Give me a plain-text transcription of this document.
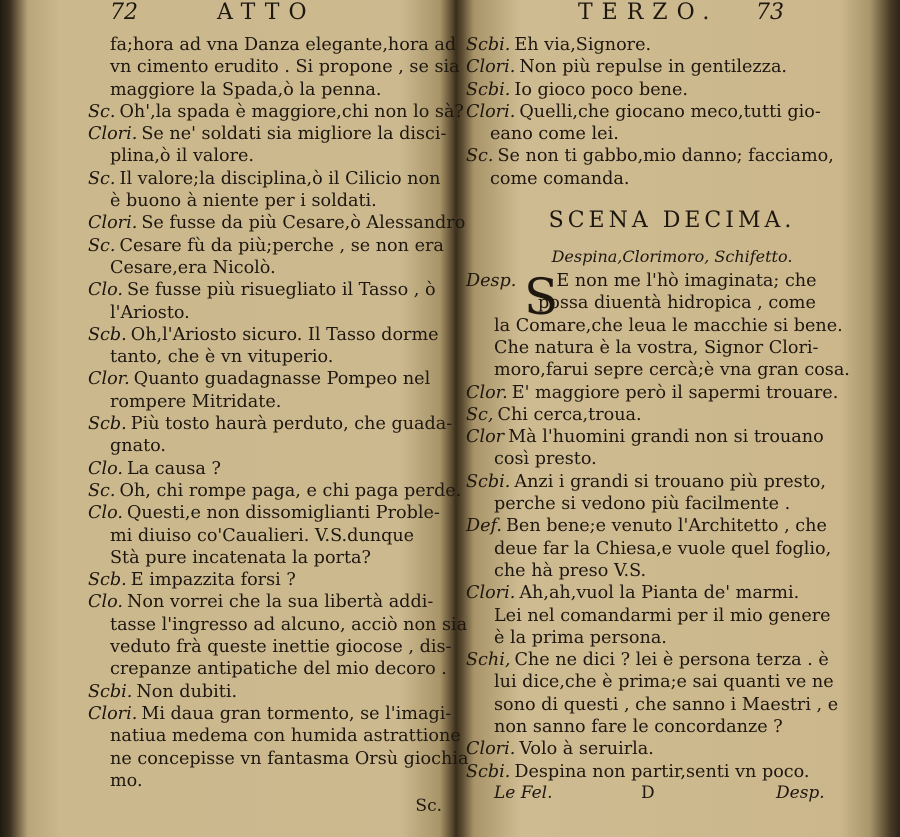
72	ATTO
fa;hora ad vna Danza elegante,hora ad
vn cimento erudito . Si propone , se sia
maggiore la Spada,ò la penna.
Sc. Oh',la spada è maggiore,chi non lo sà?
Clori. Se ne' soldati sia migliore la disci-
plina,ò il valore.
Sc. Il valore;la disciplina,ò il Cilicio non
è buono à niente per i soldati.
Clori. Se fusse da più Cesare,ò Alessandro
Sc. Cesare fù da più;perche , se non era
Cesare,era Nicolò.
Clo. Se fusse più risuegliato il Tasso , ò
l'Ariosto.
Scb. Oh,l'Ariosto sicuro. Il Tasso dorme
tanto, che è vn vituperio.
Clor. Quanto guadagnasse Pompeo nel
rompere Mitridate.
Scb. Più tosto haurà perduto, che guada-
gnato.
Clo. La causa ?
Sc. Oh, chi rompe paga, e chi paga perde.
Clo. Questi,e non dissomiglianti Proble-
mi diuiso co'Caualieri. V.S.dunque
Stà pure incatenata la porta?
Scb. E impazzita forsi ?
Clo. Non vorrei che la sua libertà addi-
tasse l'ingresso ad alcuno, acciò non sia
veduto frà queste inettie giocose , dis-
crepanze antipatiche del mio decoro .
Scbi. Non dubiti.
Clori. Mi daua gran tormento, se l'imagi-
natiua medema con humida astrattione
ne concepisse vn fantasma Orsù giochia
mo.
Sc.
TERZO. 73
Scbi. Eh via,Signore.
Clori. Non più repulse in gentilezza.
Scbi. Io gioco poco bene.
Clori. Quelli,che giocano meco,tutti gio-
eano come lei.
Sc. Se non ti gabbo,mio danno; facciamo,
come comanda.
SCENA DECIMA.
Despina,Clorimoro, Schifetto.
S
Desp. E non me l'hò imaginata; che
possa diuentà hidropica , come
la Comare,che leua le macchie si bene.
Che natura è la vostra, Signor Clori-
moro,farui sepre cercà;è vna gran cosa.
Clor. E' maggiore però il sapermi trouare.
Sc, Chi cerca,troua.
Clor Mà l'huomini grandi non si trouano
così presto.
Scbi. Anzi i grandi si trouano più presto,
perche si vedono più facilmente .
Def. Ben bene;e venuto l'Architetto , che
deue far la Chiesa,e vuole quel foglio,
che hà preso V.S.
Clori. Ah,ah,vuol la Pianta de' marmi.
Lei nel comandarmi per il mio genere
è la prima persona.
Schi, Che ne dici ? lei è persona terza . è
lui dice,che è prima;e sai quanti ve ne
sono di questi , che sanno i Maestri , e
non sanno fare le concordanze ?
Clori. Volo à seruirla.
Scbi. Despina non partir,senti vn poco.
Le Fel.	D	Desp.
